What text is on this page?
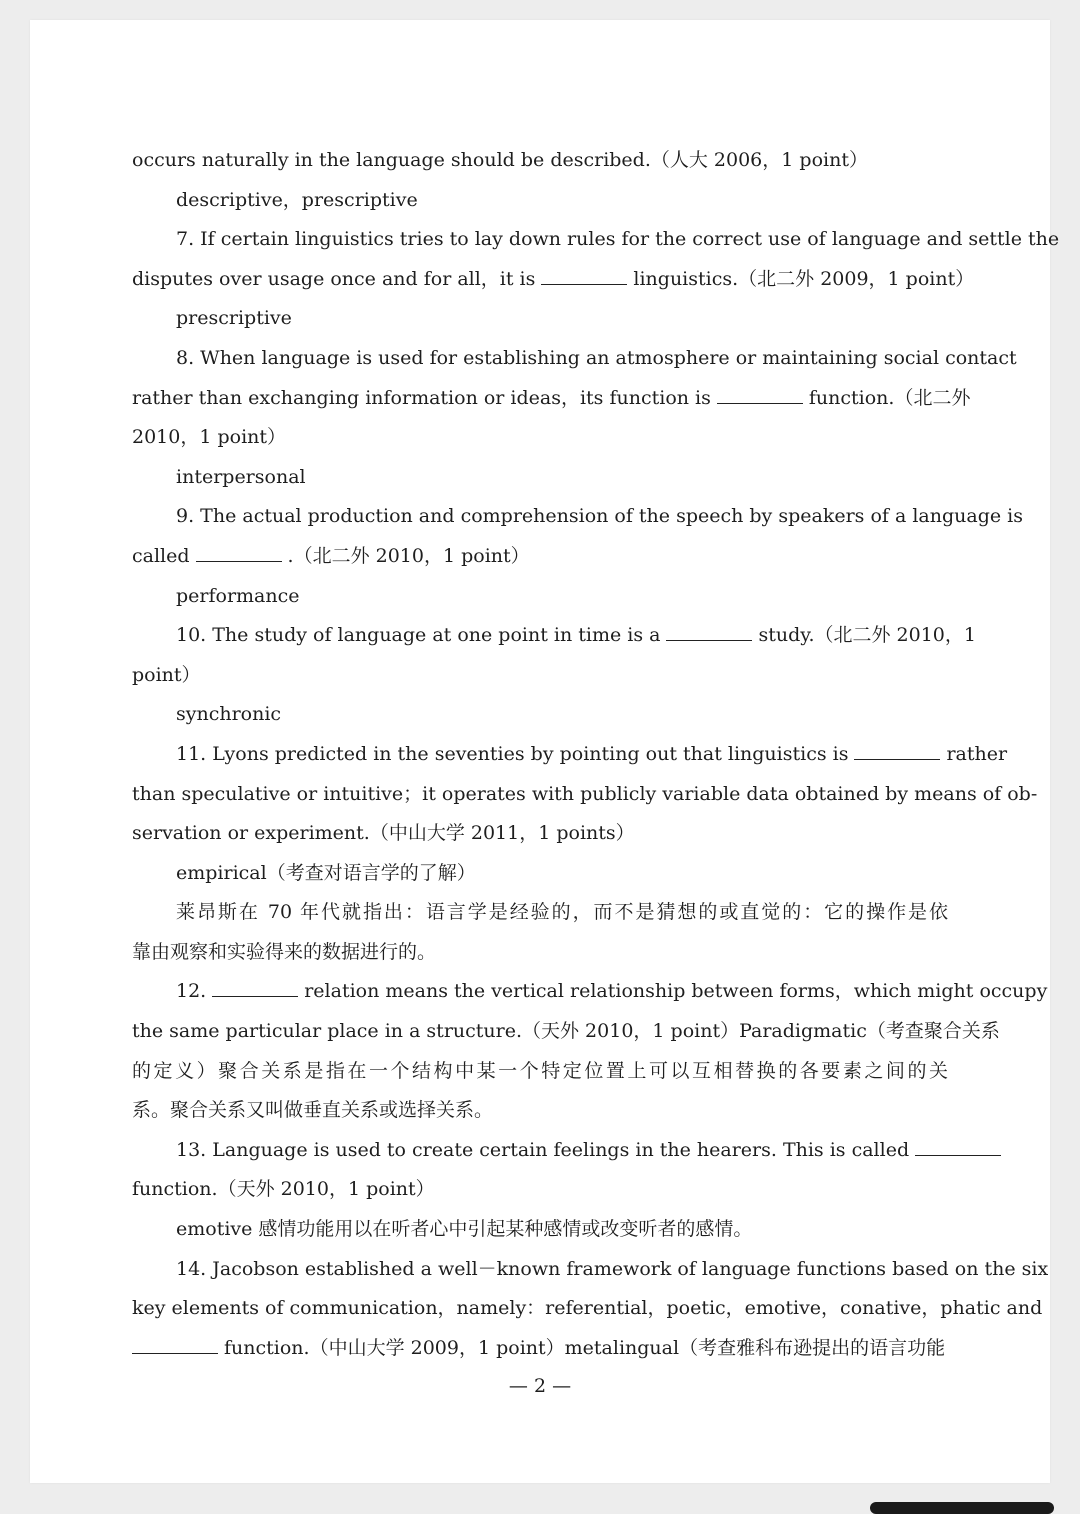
occurs naturally in the language should be described.（人大 2006，1 point）
descriptive，prescriptive
7. If certain linguistics tries to lay down rules for the correct use of language and settle the
disputes over usage once and for all，it is	linguistics.（北二外 2009，1 point）
prescriptive
8. When language is used for establishing an atmosphere or maintaining social contact
rather than exchanging information or ideas，its function is	function.（北二外
2010，1 point）
interpersonal
9. The actual production and comprehension of the speech by speakers of a language is
called	.（北二外 2010，1 point）
performance
10. The study of language at one point in time is a	study.（北二外 2010，1
point）
synchronic
11. Lyons predicted in the seventies by pointing out that linguistics is	rather
than speculative or intuitive；it operates with publicly variable data obtained by means of ob-
servation or experiment.（中山大学 2011，1 points）
empirical（考查对语言学的了解）
莱昂斯在 70 年代就指出：语言学是经验的，而不是猜想的或直觉的：它的操作是依
靠由观察和实验得来的数据进行的。
12.	relation means the vertical relationship between forms，which might occupy
the same particular place in a structure.（天外 2010，1 point）Paradigmatic（考查聚合关系
的定义）聚合关系是指在一个结构中某一个特定位置上可以互相替换的各要素之间的关
系。聚合关系又叫做垂直关系或选择关系。
13. Language is used to create certain feelings in the hearers. This is called
function.（天外 2010，1 point）
emotive 感情功能用以在听者心中引起某种感情或改变听者的感情。
14. Jacobson established a well－known framework of language functions based on the six
key elements of communication，namely：referential，poetic，emotive，conative，phatic and
function.（中山大学 2009，1 point）metalingual（考查雅科布逊提出的语言功能
— 2 —
